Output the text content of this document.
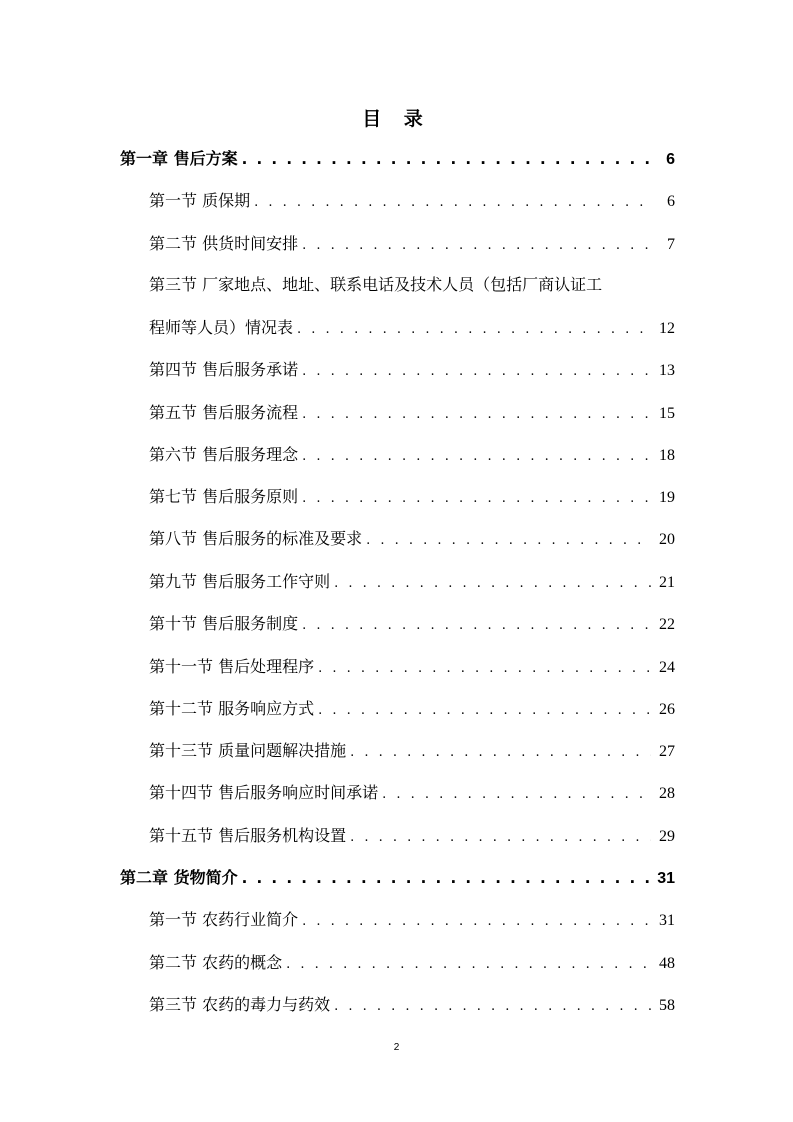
目 录
第一章 售后方案 . . .	6
第一节 质保期 . . .	6
第二节 供货时间安排 . . .	7
第三节 厂家地点、地址、联系电话及技术人员（包括厂商认证工
程师等人员）情况表 . . .	12
第四节 售后服务承诺 . . .	13
第五节 售后服务流程 . . .	15
第六节 售后服务理念 . . .	18
第七节 售后服务原则 . . .	19
第八节 售后服务的标准及要求 . . .	20
第九节 售后服务工作守则 . . .	21
第十节 售后服务制度 . . .	22
第十一节 售后处理程序 . . .	24
第十二节 服务响应方式 . . .	26
第十三节 质量问题解决措施 . . .	27
第十四节 售后服务响应时间承诺 . . .	28
第十五节 售后服务机构设置 . . .	29
第二章 货物简介 . . .	31
第一节 农药行业简介 . . .	31
第二节 农药的概念 . . .	48
第三节 农药的毒力与药效 . . .	58
2
